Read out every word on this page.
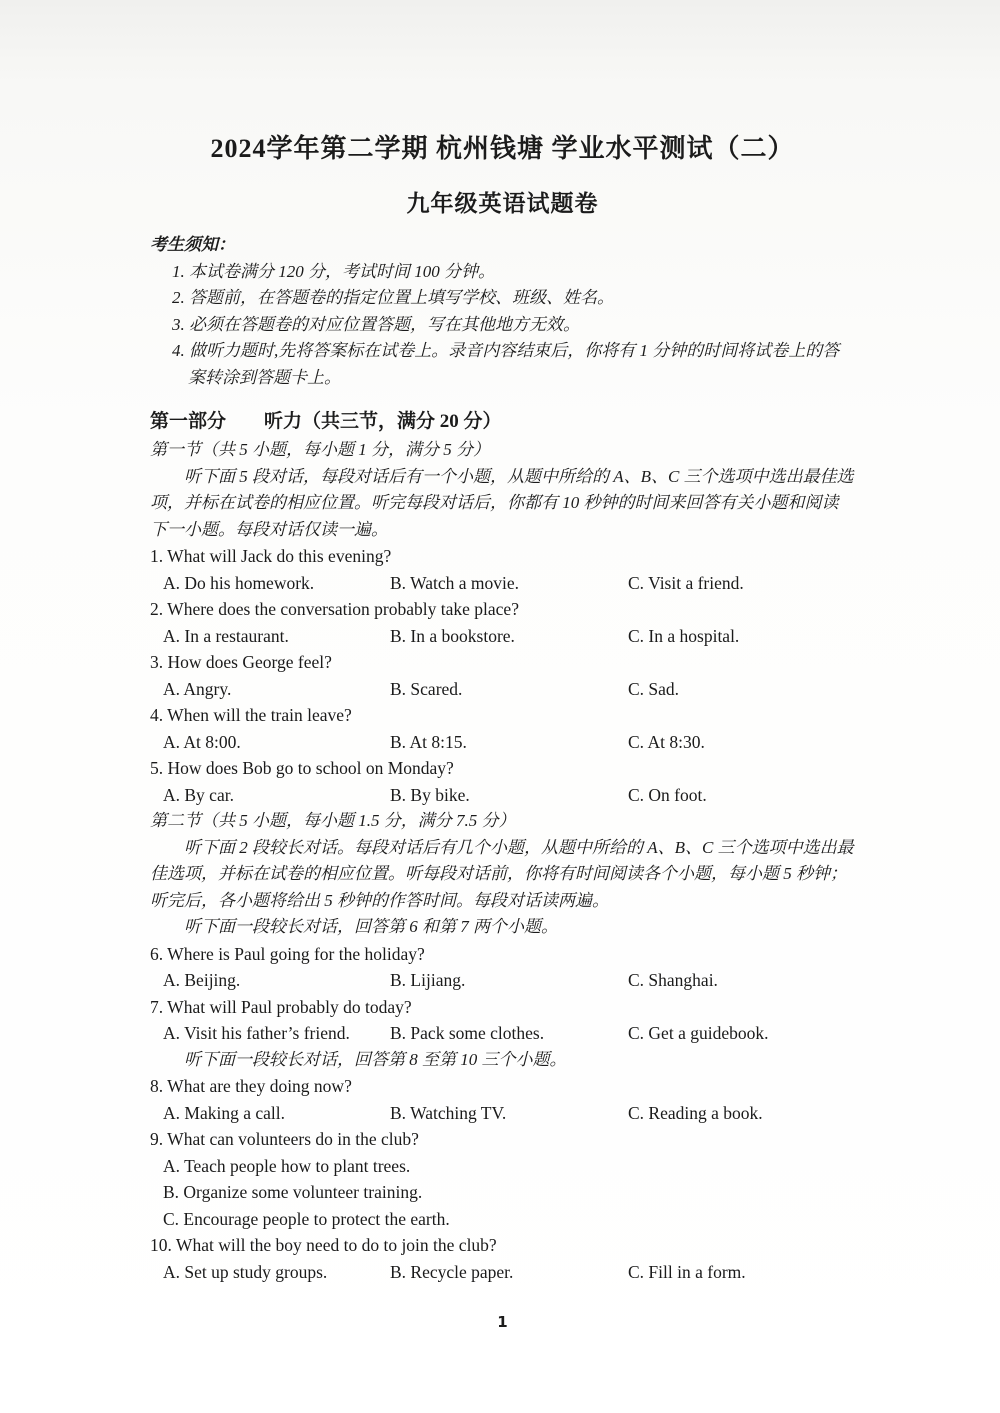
2024学年第二学期 杭州钱塘 学业水平测试（二）
九年级英语试题卷
考生须知：
1. 本试卷满分 120 分，考试时间 100 分钟。
2. 答题前，在答题卷的指定位置上填写学校、班级、姓名。
3. 必须在答题卷的对应位置答题，写在其他地方无效。
4. 做听力题时,先将答案标在试卷上。录音内容结束后，你将有 1 分钟的时间将试卷上的答案转涂到答题卡上。
第一部分　　听力（共三节，满分 20 分）
第一节（共 5 小题，每小题 1 分，满分 5 分）

听下面 5 段对话，每段对话后有一个小题，从题中所给的 A、B、C 三个选项中选出最佳选项，并标在试卷的相应位置。听完每段对话后，你都有 10 秒钟的时间来回答有关小题和阅读下一小题。每段对话仅读一遍。

1. What will Jack do this evening?
A. Do his homework.	B. Watch a movie.	C. Visit a friend.
2. Where does the conversation probably take place?
A. In a restaurant.	B. In a bookstore.	C. In a hospital.
3. How does George feel?
A. Angry.	B. Scared.	C. Sad.
4. When will the train leave?
A. At 8:00.	B. At 8:15.	C. At 8:30.
5. How does Bob go to school on Monday?
A. By car.	B. By bike.	C. On foot.
第二节（共 5 小题，每小题 1.5 分，满分 7.5 分）

听下面 2 段较长对话。每段对话后有几个小题，从题中所给的 A、B、C 三个选项中选出最佳选项，并标在试卷的相应位置。听每段对话前，你将有时间阅读各个小题，每小题 5 秒钟；听完后，各小题将给出 5 秒钟的作答时间。每段对话读两遍。

听下面一段较长对话，回答第 6 和第 7 两个小题。
6. Where is Paul going for the holiday?
A. Beijing.	B. Lijiang.	C. Shanghai.
7. What will Paul probably do today?
A. Visit his father’s friend.	B. Pack some clothes.	C. Get a guidebook.
听下面一段较长对话，回答第 8 至第 10 三个小题。
8. What are they doing now?
A. Making a call.	B. Watching TV.	C. Reading a book.
9. What can volunteers do in the club?
A. Teach people how to plant trees.
B. Organize some volunteer training.
C. Encourage people to protect the earth.
10. What will the boy need to do to join the club?
A. Set up study groups.	B. Recycle paper.	C. Fill in a form.
1
